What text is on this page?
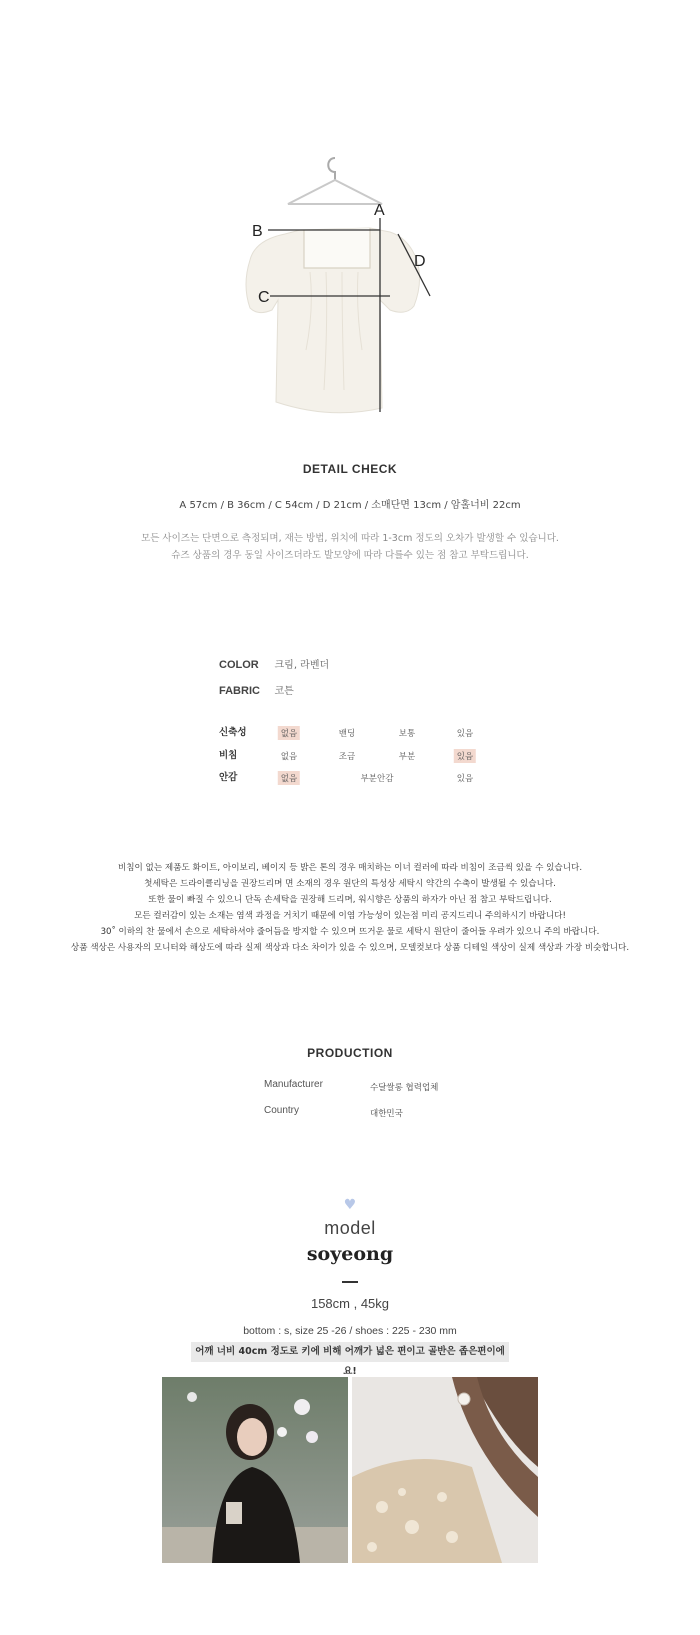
A
B
C
D
DETAIL CHECK
A 57cm / B 36cm / C 54cm / D 21cm / 소매단면 13cm / 암홀너비 22cm
모든 사이즈는 단면으로 측정되며, 재는 방법, 위치에 따라 1-3cm 정도의 오차가 발생할 수 있습니다.
슈즈 상품의 경우 동일 사이즈더라도 발모양에 따라 다를수 있는 점 참고 부탁드립니다.
COLOR 크림, 라벤더
FABRIC 코튼
신축성	없음	밴딩	보통	있음
비침	없음	조금	부분	있음
안감	없음	부분안감	있음
비침이 없는 제품도 화이트, 아이보리, 베이지 등 밝은 톤의 경우 매치하는 이너 컬러에 따라 비침이 조금씩 있을 수 있습니다.
첫세탁은 드라이클리닝을 권장드리며 면 소재의 경우 원단의 특성상 세탁시 약간의 수축이 발생될 수 있습니다.
또한 물이 빠질 수 있으니 단독 손세탁을 권장해 드리며, 워시향은 상품의 하자가 아닌 점 참고 부탁드립니다.
모든 컬러감이 있는 소재는 염색 과정을 거치기 때문에 이염 가능성이 있는점 미리 공지드리니 주의하시기 바랍니다!
30˚ 이하의 찬 물에서 손으로 세탁하셔야 줄어듬을 방지할 수 있으며 뜨거운 물로 세탁시 원단이 줄어들 우려가 있으니 주의 바랍니다.
상품 색상은 사용자의 모니터와 해상도에 따라 실제 색상과 다소 차이가 있을 수 있으며, 모델컷보다 상품 디테일 색상이 실제 색상과 가장 비슷합니다.
PRODUCTION
Manufacturer	수달쌀롱 협력업체
Country	대한민국
♥
model
soyeong
158cm , 45kg
bottom : s, size 25 -26 / shoes : 225 - 230 mm
어깨 너비 40cm 정도로 키에 비해 어깨가 넓은 편이고 골반은 좁은편이에요!
